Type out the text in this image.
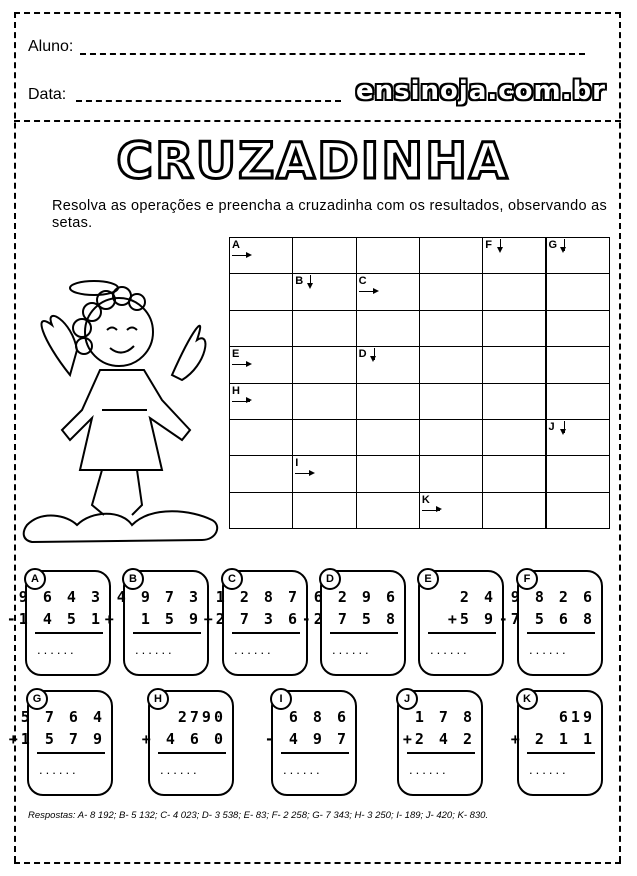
Aluno:
Data:	ensinoja.com.br
CRUZADINHA
Resolva as operações e preencha a cruzadinha com os resultados, observando as setas.
A
B	C
D
E
F	G
H
I
J
K
A
9 6 4 3
-1 4 5 1
......
B
4 9 7 3
+  1 5 9
......
C
1 2 8 7
+2 7 3 6
......
D
6 2 9 6
-2 7 5 8
......
E
2 4
+5 9
......
F
9 8 2 6
-7 5 6 8
......
G
5 7 6 4
+1 5 7 9
......
H
2790
+ 4 6 0
......
I
6 8 6
- 4 9 7
......
J
1 7 8
+2 4 2
......
K
619
+ 2 1 1
......
Respostas: A- 8 192; B- 5 132; C- 4 023; D- 3 538; E- 83; F- 2 258; G- 7 343; H- 3 250; I- 189; J- 420; K- 830.
